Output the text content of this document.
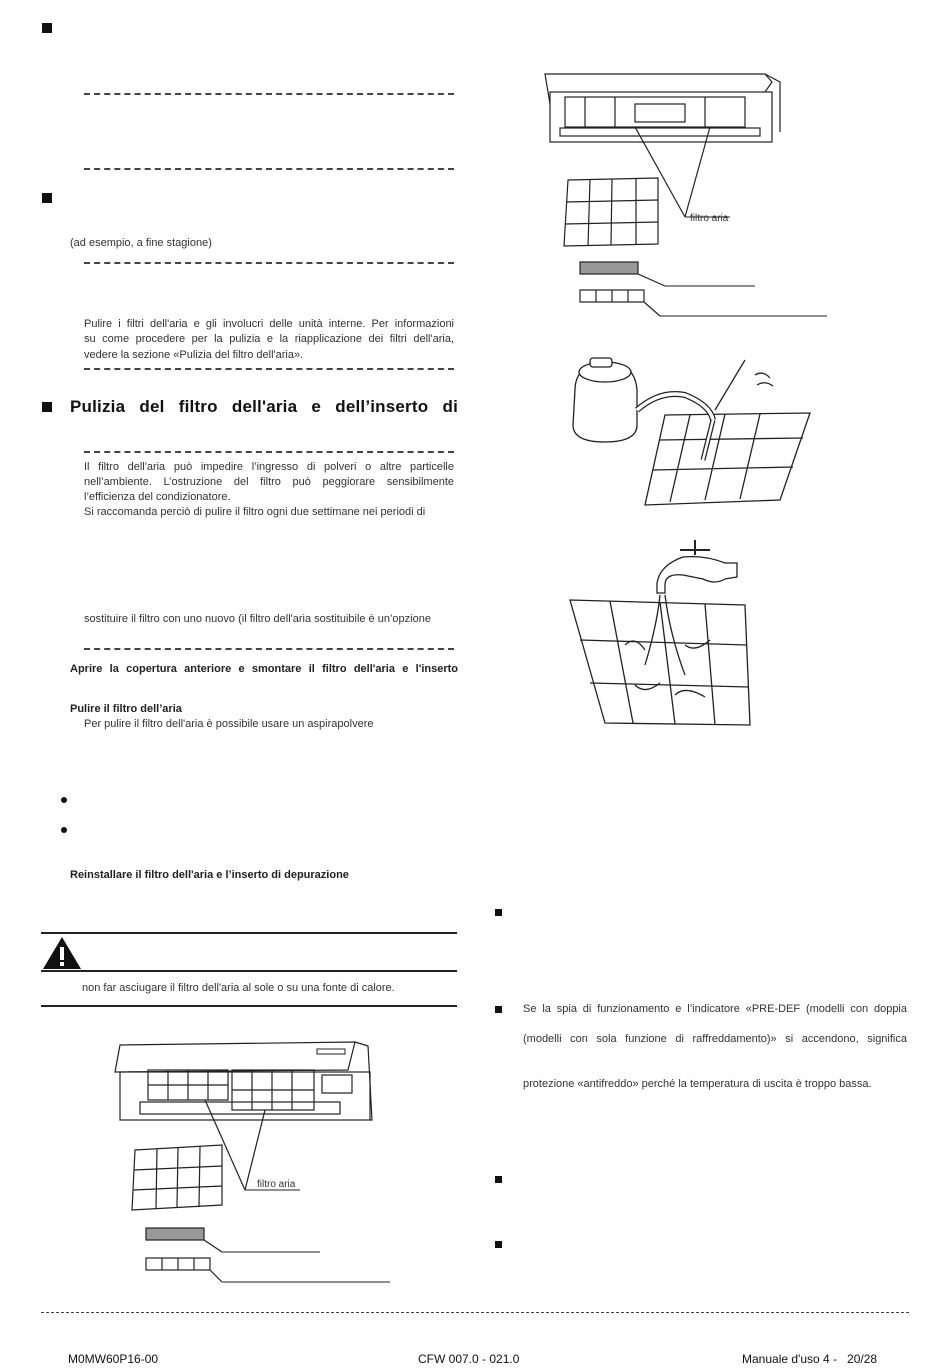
(ad esempio, a fine stagione)
Pulire i filtri dell'aria e gli involucri delle unità interne. Per informazioni
su come procedere per la pulizia e la riapplicazione dei filtri dell'aria,
vedere la sezione «Pulizia del filtro dell'aria».
Pulizia del filtro dell'aria e dell’inserto di
Il filtro dell'aria può impedire l’ingresso di polveri o altre particelle
nell’ambiente. L’ostruzione del filtro può peggiorare sensibilmente
l’efficienza del condizionatore.
Si raccomanda perciò di pulire il filtro ogni due settimane nei periodi di
sostituire il filtro con uno nuovo (il filtro dell'aria sostituibile è un’opzione
Aprire la copertura anteriore e smontare il filtro dell'aria e l'inserto
Pulire il filtro dell’aria
Per pulire il filtro dell'aria è possibile usare un aspirapolvere
Reinstallare il filtro dell'aria e l’inserto di depurazione
non far asciugare il filtro dell'aria al sole o su una fonte di calore.
filtro aria
filtro aria
Se la spia di funzionamento e l’indicatore «PRE-DEF (modelli con doppia
(modelli con sola funzione di raffreddamento)» si accendono, significa
protezione «antifreddo» perché la temperatura di uscita è troppo bassa.
M0MW60P16-00	CFW 007.0 - 021.0	Manuale d'uso 4 -   20/28
